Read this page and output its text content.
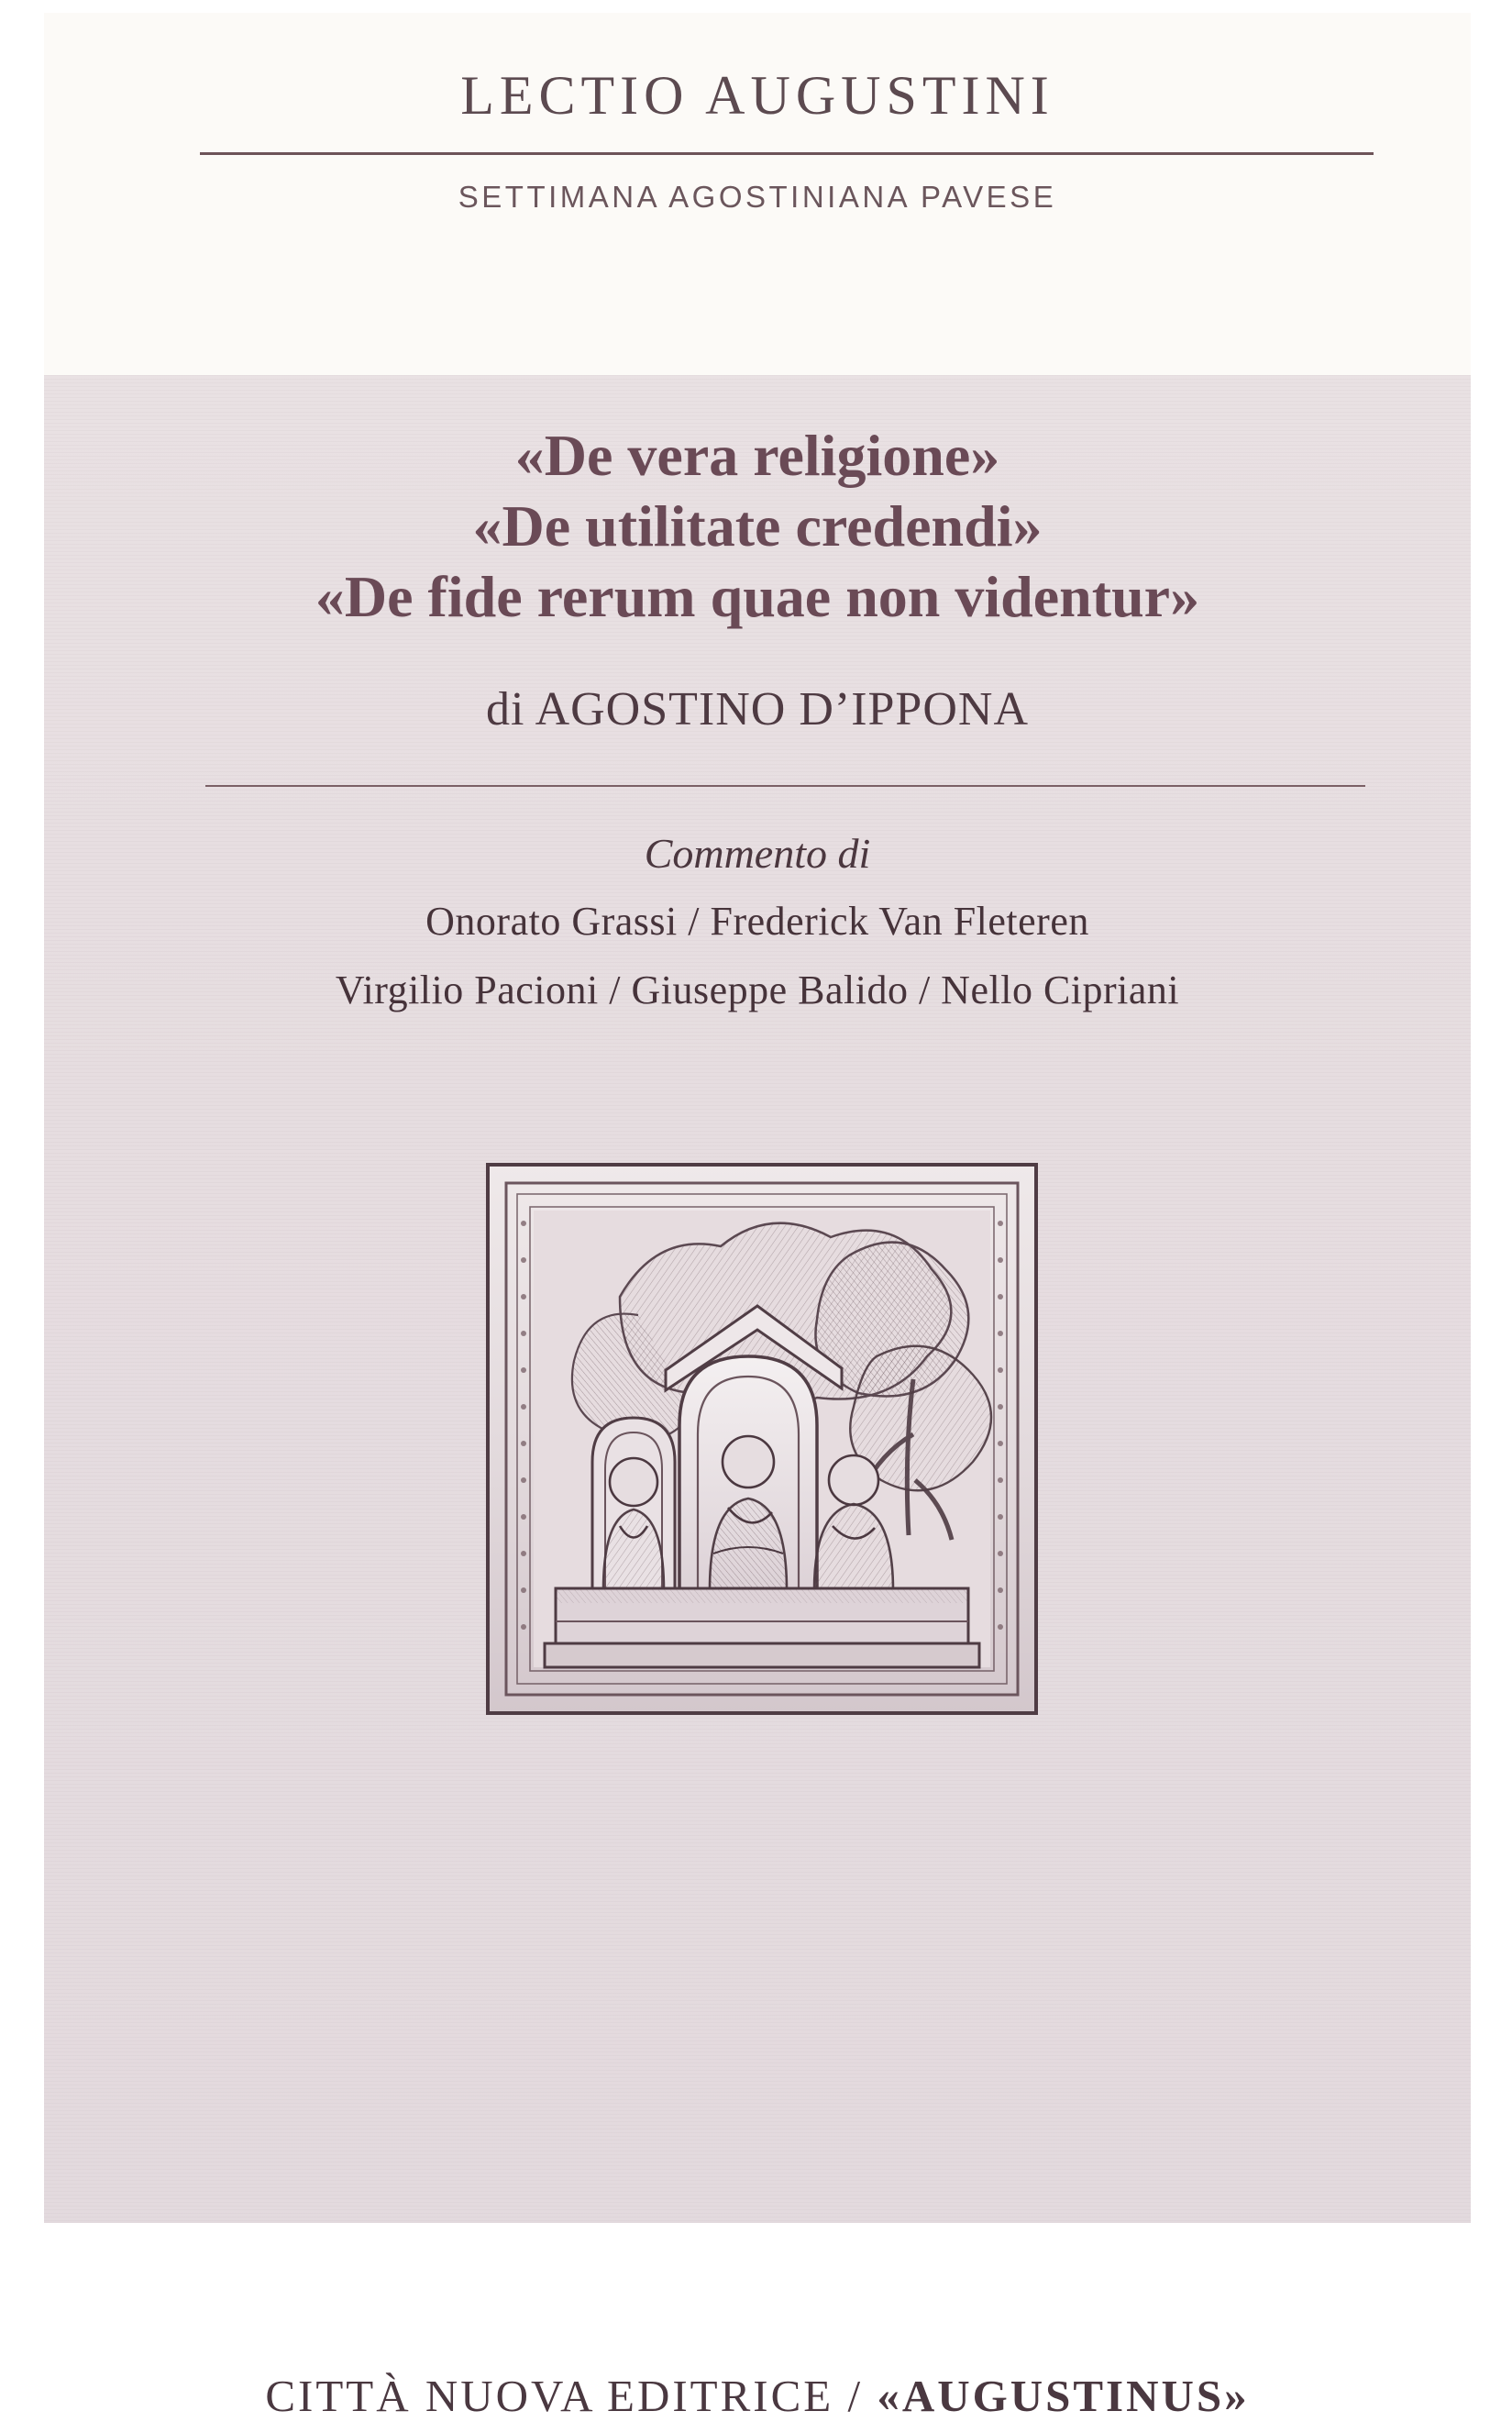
LECTIO AUGUSTINI
SETTIMANA AGOSTINIANA PAVESE
«De vera religione»
«De utilitate credendi»
«De fide rerum quae non videntur»
di AGOSTINO D’IPPONA
Commento di
Onorato Grassi / Frederick Van Fleteren
Virgilio Pacioni / Giuseppe Balido / Nello Cipriani
CITTÀ NUOVA EDITRICE / «AUGUSTINUS»
